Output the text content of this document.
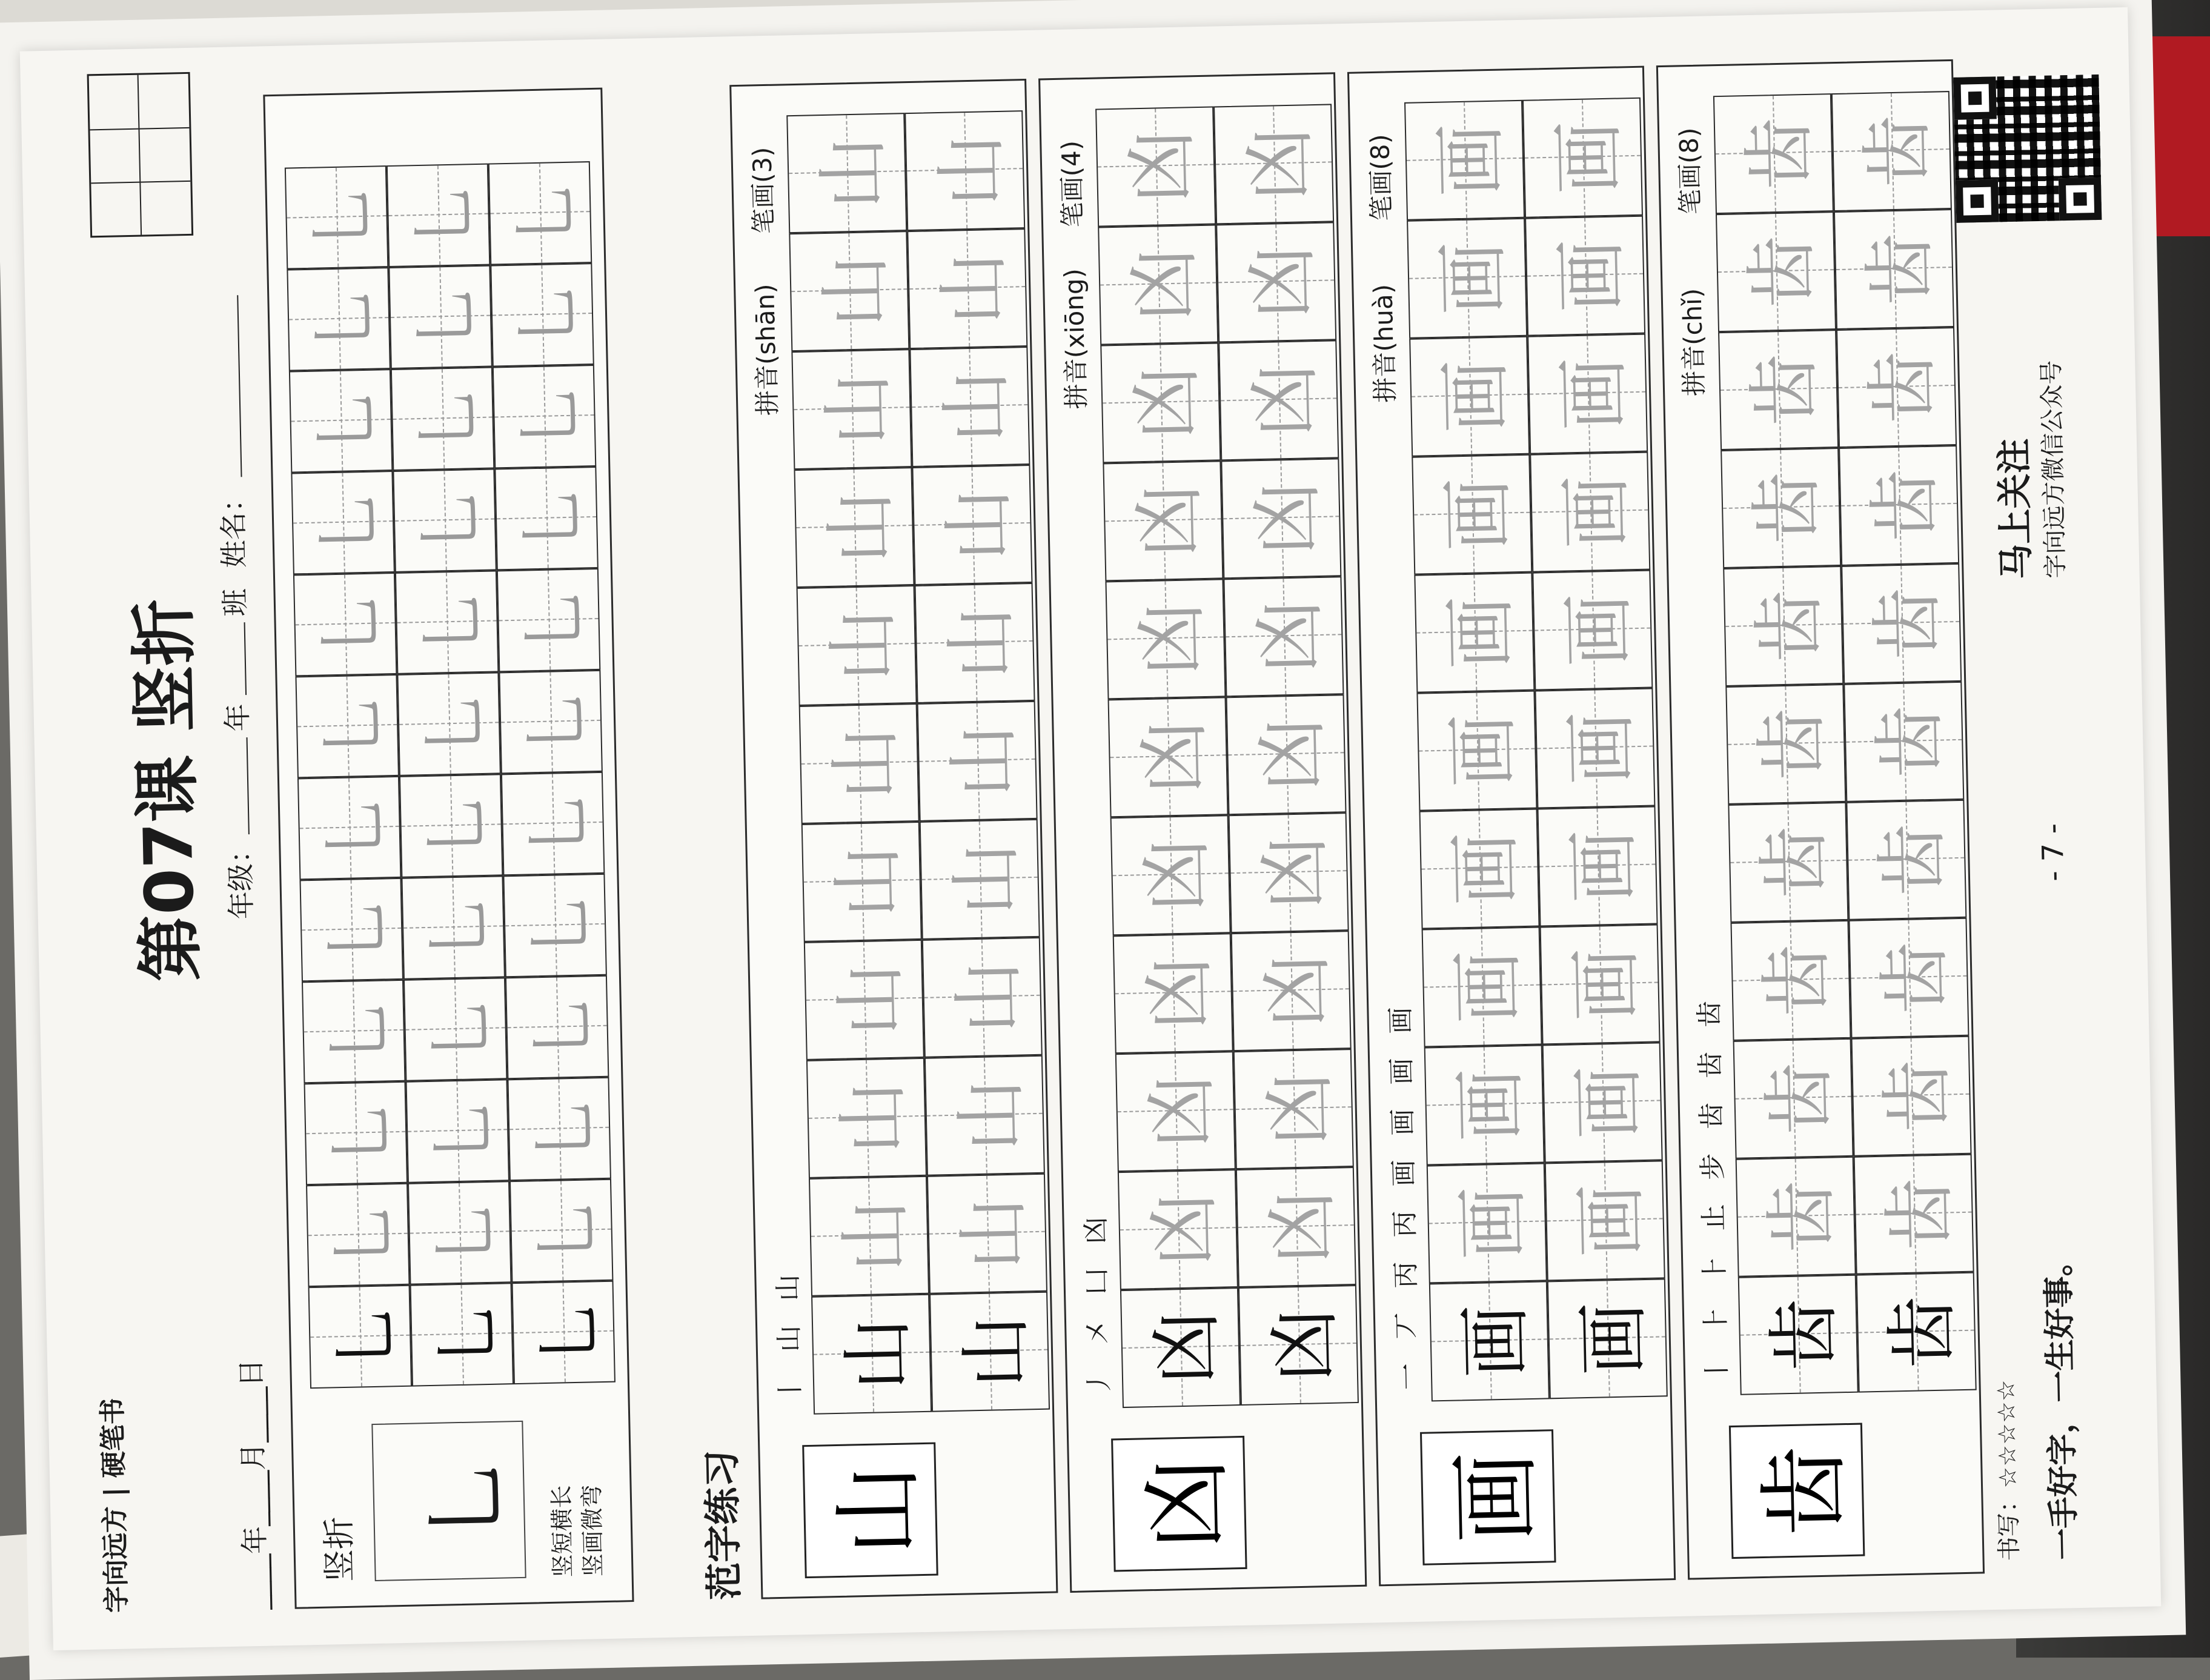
字向远方 | 硬笔书
第07课 竖折
____年____月____日
年级：
年
班
姓名：
竖折
乚 竖短横长 竖画微弯
乚
乚
乚
乚
乚
乚
乚
乚
乚
乚
乚
乚
乚
乚
乚
乚
乚
乚
乚
乚
乚
乚
乚
乚
乚
乚
乚
乚
乚
乚
乚
乚
乚
乚
乚
乚
范字练习	书写：☆☆☆☆☆ 一手好字，一生好事。
- 7 -
马上关注 字向远方微信公众号
山
丨山山
拼音(shān)
笔画(3)
山
山
山
山
山
山
山
山
山
山
山
山
山
山
山
山
山
山
山
山
山
山
凶
丿㐅凵凶
拼音(xiōng)
笔画(4)
凶
凶
凶
凶
凶
凶
凶
凶
凶
凶
凶
凶
凶
凶
凶
凶
凶
凶
凶
凶
凶
凶
画
一丆丙丙画画画画
拼音(huà)
笔画(8)
画
画
画
画
画
画
画
画
画
画
画
画
画
画
画
画
画
画
画
画
画
画
齿
丨⺊⺊止步齿齿齿
拼音(chǐ)
笔画(8)
齿
齿
齿
齿
齿
齿
齿
齿
齿
齿
齿
齿
齿
齿
齿
齿
齿
齿
齿
齿
齿
齿
